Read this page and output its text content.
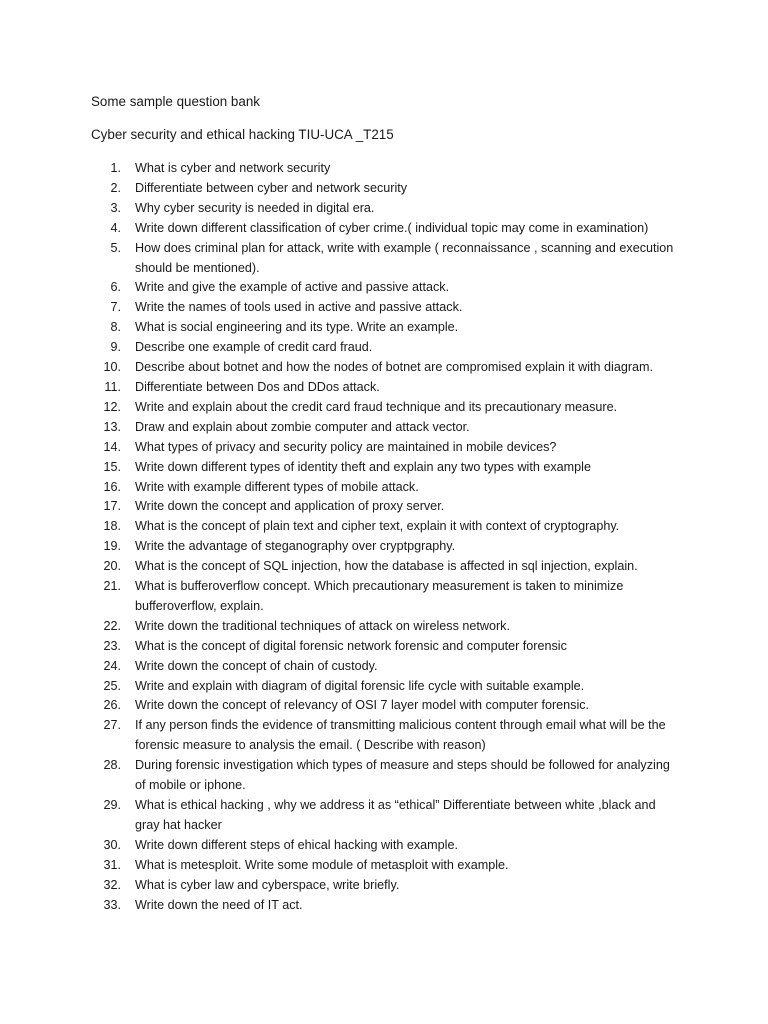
Some sample question bank
Cyber security and ethical hacking TIU-UCA _T215
1.	What is cyber and network security
2.	Differentiate between cyber and network security
3.	Why cyber security is needed in digital era.
4.	Write down different classification of cyber crime.( individual topic may come in examination)
5.	How does criminal plan for attack, write with example ( reconnaissance , scanning and execution should be mentioned).
6.	Write and give the example of active and passive attack.
7.	Write the names of tools used in active and passive attack.
8.	What is social engineering and its type. Write an example.
9.	Describe one example of credit card fraud.
10.	Describe about botnet and how the nodes of botnet are compromised explain it with diagram.
11.	Differentiate between Dos and DDos attack.
12.	Write and explain about the credit card fraud technique and its precautionary measure.
13.	Draw and explain about zombie computer and attack vector.
14.	What types of privacy and security policy are maintained in mobile devices?
15.	Write down different types of identity theft and explain any two types with example
16.	Write with example different types of mobile attack.
17.	Write down the concept and application of proxy server.
18.	What is the concept of plain text and cipher text, explain it with context of cryptography.
19.	Write the advantage of steganography over cryptpgraphy.
20.	What is the concept of SQL injection, how the database is affected in sql injection, explain.
21.	What is bufferoverflow concept. Which precautionary measurement is taken to minimize bufferoverflow, explain.
22.	Write down the traditional techniques of attack on wireless network.
23.	What is the concept of digital forensic network forensic and computer forensic
24.	Write down the concept of chain of custody.
25.	Write and explain with diagram of digital forensic life cycle with suitable example.
26.	Write down the concept of relevancy of OSI 7 layer model with computer forensic.
27.	If any person finds the evidence of transmitting malicious content through email what will be the forensic measure to analysis the email. ( Describe with reason)
28.	During forensic investigation which types of measure and steps should be followed for analyzing of mobile or iphone.
29.	What is ethical hacking , why we address it as “ethical” Differentiate between white ,black and gray hat hacker
30.	Write down different steps of ehical hacking with example.
31.	What is metesploit. Write some module of metasploit with example.
32.	What is cyber law and cyberspace, write briefly.
33.	Write down the need of IT act.
